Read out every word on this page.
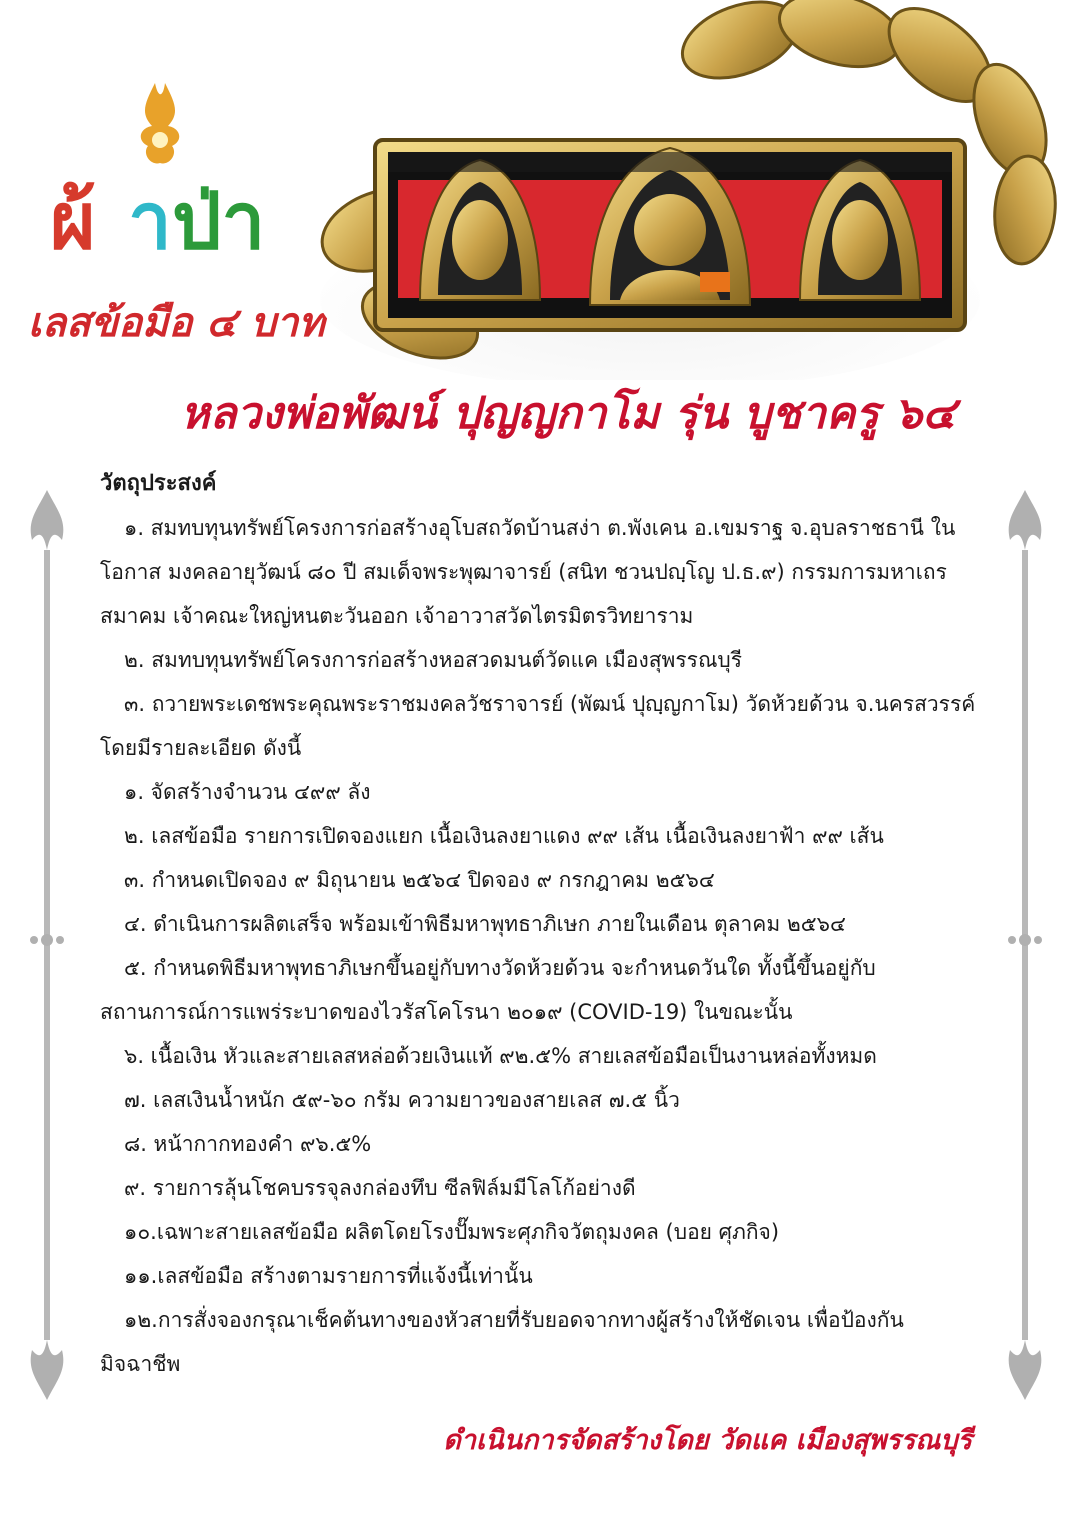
ผ้ า ป่า
เลสข้อมือ ๔ บาท
หลวงพ่อพัฒน์ ปุญญกาโม รุ่น บูชาครู ๖๔
วัตถุประสงค์

๑. สมทบทุนทรัพย์โครงการก่อสร้างอุโบสถวัดบ้านสง่า ต.พังเคน อ.เขมราฐ จ.อุบลราชธานี ในโอกาส มงคลอายุวัฒน์ ๘๐ ปี สมเด็จพระพุฒาจารย์ (สนิท ชวนปญฺโญ ป.ธ.๙) กรรมการมหาเถรสมาคม เจ้าคณะใหญ่หนตะวันออก เจ้าอาวาสวัดไตรมิตรวิทยาราม

๒. สมทบทุนทรัพย์โครงการก่อสร้างหอสวดมนต์วัดแค เมืองสุพรรณบุรี

๓. ถวายพระเดชพระคุณพระราชมงคลวัชราจารย์ (พัฒน์ ปุญฺญกาโม) วัดห้วยด้วน จ.นครสวรรค์ โดยมีรายละเอียด ดังนี้

๑. จัดสร้างจำนวน ๔๙๙ ลัง

๒. เลสข้อมือ รายการเปิดจองแยก เนื้อเงินลงยาแดง ๙๙ เส้น เนื้อเงินลงยาฟ้า ๙๙ เส้น

๓. กำหนดเปิดจอง ๙ มิถุนายน ๒๕๖๔ ปิดจอง ๙ กรกฎาคม ๒๕๖๔

๔. ดำเนินการผลิตเสร็จ พร้อมเข้าพิธีมหาพุทธาภิเษก ภายในเดือน ตุลาคม ๒๕๖๔

๕. กำหนดพิธีมหาพุทธาภิเษกขึ้นอยู่กับทางวัดห้วยด้วน จะกำหนดวันใด ทั้งนี้ขึ้นอยู่กับสถานการณ์การแพร่ระบาดของไวรัสโคโรนา ๒๐๑๙ (COVID-19) ในขณะนั้น

๖. เนื้อเงิน หัวและสายเลสหล่อด้วยเงินแท้ ๙๒.๕% สายเลสข้อมือเป็นงานหล่อทั้งหมด

๗. เลสเงินน้ำหนัก ๕๙-๖๐ กรัม ความยาวของสายเลส ๗.๕ นิ้ว

๘. หน้ากากทองคำ ๙๖.๕%

๙. รายการลุ้นโชคบรรจุลงกล่องทึบ ซีลฟิล์มมีโลโก้อย่างดี

๑๐.เฉพาะสายเลสข้อมือ ผลิตโดยโรงปั๊มพระศุภกิจวัตถุมงคล (บอย ศุภกิจ)

๑๑.เลสข้อมือ สร้างตามรายการที่แจ้งนี้เท่านั้น

๑๒.การสั่งจองกรุณาเช็คต้นทางของหัวสายที่รับยอดจากทางผู้สร้างให้ชัดเจน เพื่อป้องกันมิจฉาชีพ

ดำเนินการจัดสร้างโดย วัดแค เมืองสุพรรณบุรี
